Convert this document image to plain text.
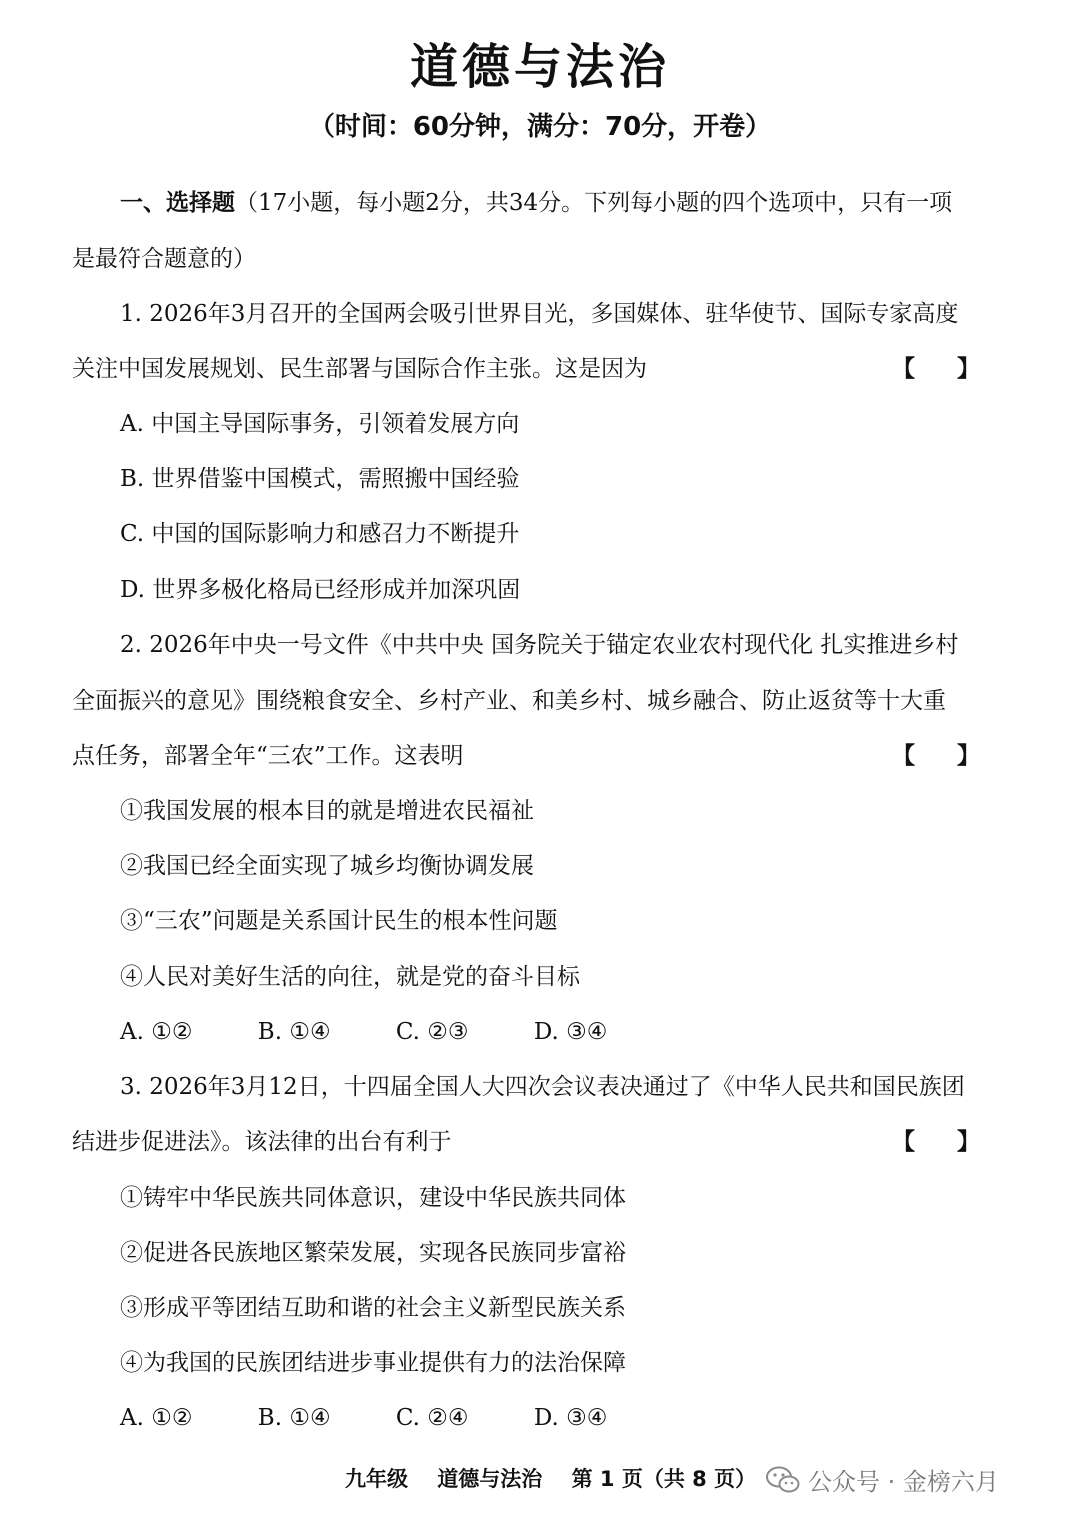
道德与法治
（时间：60分钟，满分：70分，开卷）
一、选择题（17小题，每小题2分，共34分。下列每小题的四个选项中，只有一项
是最符合题意的）
1. 2026年3月召开的全国两会吸引世界目光，多国媒体、驻华使节、国际专家高度
关注中国发展规划、民生部署与国际合作主张。这是因为	【】
A. 中国主导国际事务，引领着发展方向
B. 世界借鉴中国模式，需照搬中国经验
C. 中国的国际影响力和感召力不断提升
D. 世界多极化格局已经形成并加深巩固
2. 2026年中央一号文件《中共中央 国务院关于锚定农业农村现代化 扎实推进乡村
全面振兴的意见》围绕粮食安全、乡村产业、和美乡村、城乡融合、防止返贫等十大重
点任务，部署全年“三农”工作。这表明	【】
①我国发展的根本目的就是增进农民福祉
②我国已经全面实现了城乡均衡协调发展
③“三农”问题是关系国计民生的根本性问题
④人民对美好生活的向往，就是党的奋斗目标
A. ①②	B. ①④	C. ②③	D. ③④
3. 2026年3月12日，十四届全国人大四次会议表决通过了《中华人民共和国民族团
结进步促进法》。该法律的出台有利于	【】
①铸牢中华民族共同体意识，建设中华民族共同体
②促进各民族地区繁荣发展，实现各民族同步富裕
③形成平等团结互助和谐的社会主义新型民族关系
④为我国的民族团结进步事业提供有力的法治保障
A. ①②	B. ①④	C. ②④	D. ③④
九年级 道德与法治 第 1 页（共 8 页）	公众号 · 金榜六月
